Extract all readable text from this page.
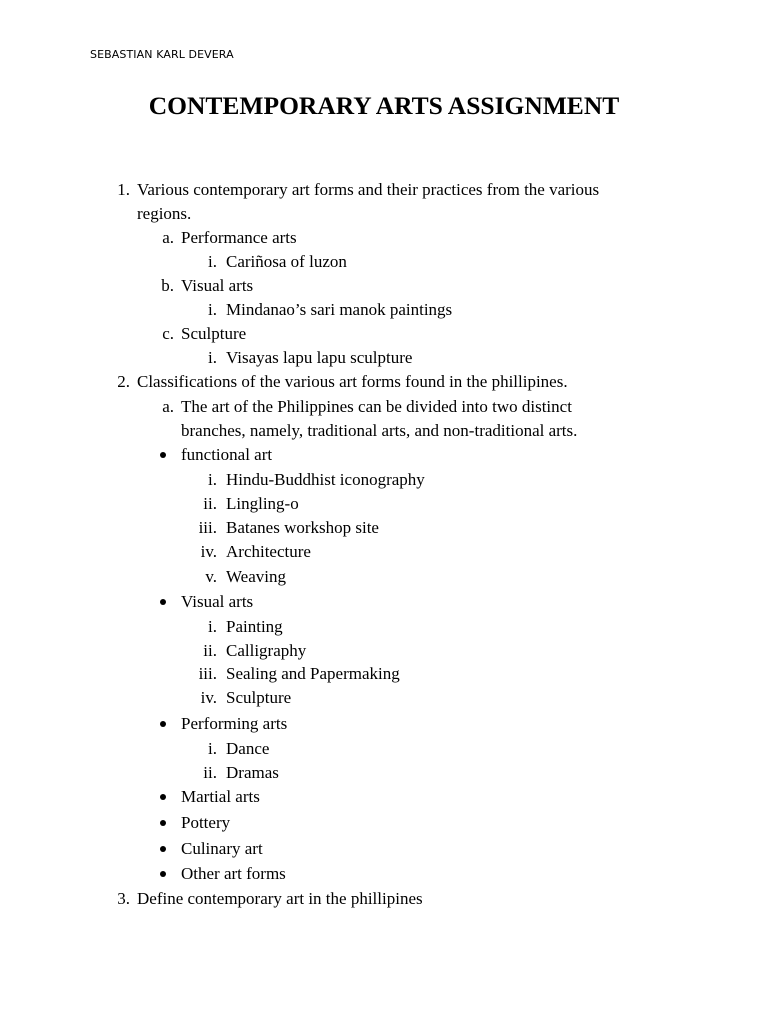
SEBASTIAN KARL DEVERA
CONTEMPORARY ARTS ASSIGNMENT
1. Various contemporary art forms and their practices from the various
regions.
a. Performance arts
i. Cariñosa of luzon
b. Visual arts
i. Mindanao’s sari manok paintings
c. Sculpture
i. Visayas lapu lapu sculpture
2. Classifications of the various art forms found in the phillipines.
a. The art of the Philippines can be divided into two distinct
branches, namely, traditional arts, and non-traditional arts.
functional art
i. Hindu-Buddhist iconography
ii. Lingling-o
iii. Batanes workshop site
iv. Architecture
v. Weaving
Visual arts
i. Painting
ii. Calligraphy
iii. Sealing and Papermaking
iv. Sculpture
Performing arts
i. Dance
ii. Dramas
Martial arts
Pottery
Culinary art
Other art forms
3. Define contemporary art in the phillipines
